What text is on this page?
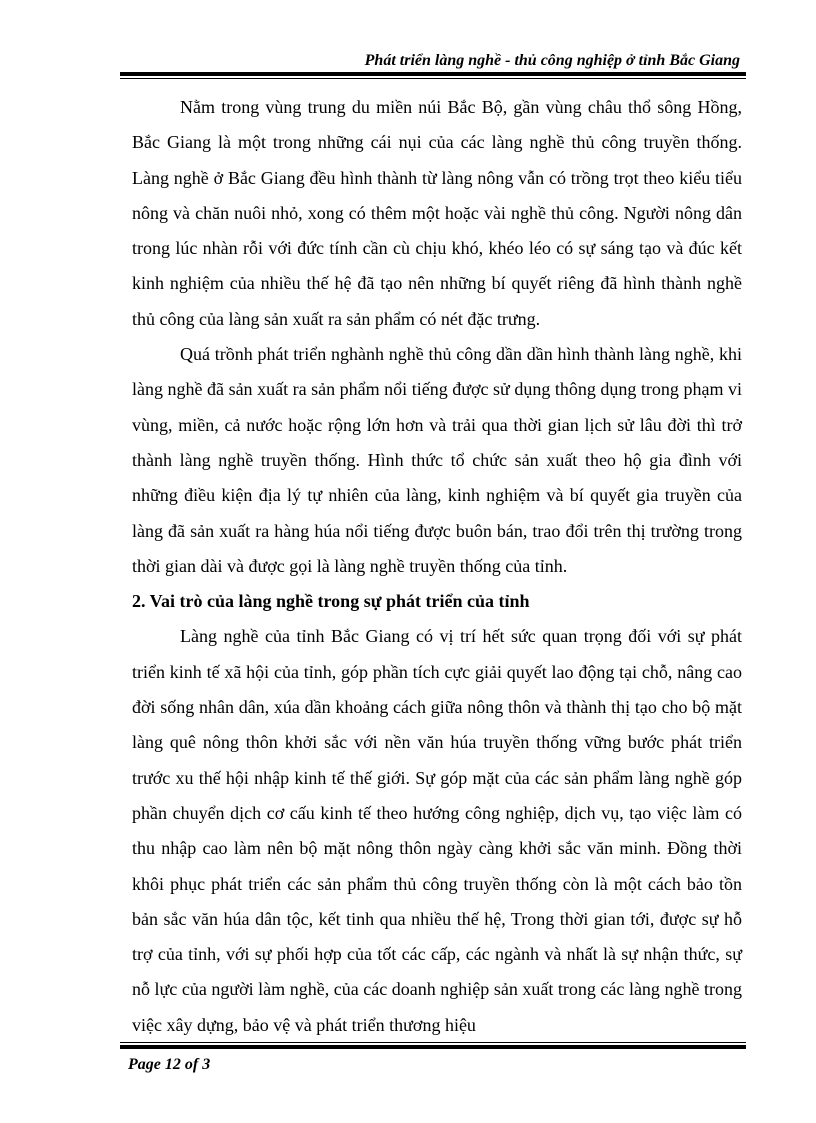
Phát triển làng nghề - thủ công nghiệp ở tỉnh Bắc Giang

Nằm trong vùng trung du miền núi Bắc Bộ, gần vùng châu thổ sông Hồng, Bắc Giang là một trong những cái nụi của các làng nghề thủ công truyền thống. Làng nghề ở Bắc Giang đều hình thành từ làng nông vẫn có trồng trọt theo kiểu tiểu nông và chăn nuôi nhỏ, xong có thêm một hoặc vài nghề thủ công. Người nông dân trong lúc nhàn rỗi với đức tính cần cù chịu khó, khéo léo có sự sáng tạo và đúc kết kinh nghiệm của nhiều thế hệ đã tạo nên những bí quyết riêng đã hình thành nghề thủ công của làng sản xuất ra sản phẩm có nét đặc trưng.

Quá trồnh phát triển nghành nghề thủ công dần dần hình thành làng nghề, khi làng nghề đã sản xuất ra sản phẩm nổi tiếng được sử dụng thông dụng trong phạm vi vùng, miền, cả nước hoặc rộng lớn hơn và trải qua thời gian lịch sử lâu đời thì trở thành làng nghề truyền thống. Hình thức tổ chức sản xuất theo hộ gia đình với những điều kiện địa lý tự nhiên của làng, kinh nghiệm và bí quyết gia truyền của làng đã sản xuất ra hàng húa nổi tiếng được buôn bán, trao đổi trên thị trường trong thời gian dài và được gọi là làng nghề truyền thống của tỉnh.

2. Vai trò của làng nghề trong sự phát triển của tỉnh

Làng nghề của tỉnh Bắc Giang có vị trí hết sức quan trọng đối với sự phát triển kinh tế xã hội của tỉnh, góp phần tích cực giải quyết lao động tại chỗ, nâng cao đời sống nhân dân, xúa dần khoảng cách giữa nông thôn và thành thị tạo cho bộ mặt làng quê nông thôn khởi sắc với nền văn húa truyền thống vững bước phát triển trước xu thế hội nhập kinh tế thế giới. Sự góp mặt của các sản phẩm làng nghề góp phần chuyển dịch cơ cấu kinh tế theo hướng công nghiệp, dịch vụ, tạo việc làm có thu nhập cao làm nên bộ mặt nông thôn ngày càng khởi sắc văn minh. Đồng thời khôi phục phát triển các sản phẩm thủ công truyền thống còn là một cách bảo tồn bản sắc văn húa dân tộc, kết tinh qua nhiều thế hệ, Trong thời gian tới, được sự hỗ trợ của tỉnh, với sự phối hợp của tốt các cấp, các ngành và nhất là sự nhận thức, sự nỗ lực của người làm nghề, của các doanh nghiệp sản xuất trong các làng nghề trong việc xây dựng, bảo vệ và phát triển thương hiệu

Page 12 of 3
